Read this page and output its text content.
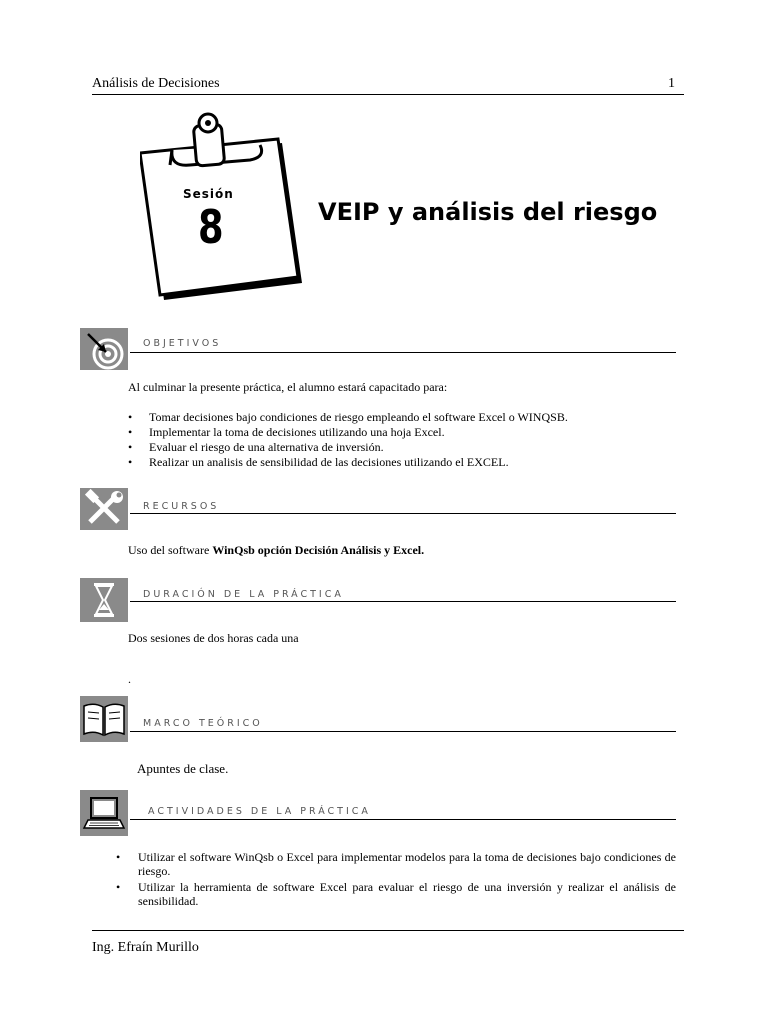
Análisis de Decisiones	1
Sesión
8	VEIP y análisis del riesgo
OBJETIVOS
Al culminar la presente práctica, el alumno estará capacitado para:
• Tomar decisiones bajo condiciones de riesgo empleando el software Excel o WINQSB.
• Implementar la toma de decisiones utilizando una hoja Excel.
• Evaluar el riesgo de una alternativa de inversión.
• Realizar un analisis de sensibilidad de las decisiones utilizando el EXCEL.
RECURSOS
Uso del software WinQsb opción Decisión Análisis y Excel.
DURACIÓN DE LA PRÁCTICA
Dos sesiones de dos horas cada una
.
MARCO TEÓRICO
Apuntes de clase.
ACTIVIDADES DE LA PRÁCTICA
• Utilizar el software WinQsb o Excel para implementar modelos para la toma de decisiones bajo condiciones de riesgo.
• Utilizar la herramienta de software Excel para evaluar el riesgo de una inversión y realizar el análisis de sensibilidad.
Ing. Efraín Murillo
